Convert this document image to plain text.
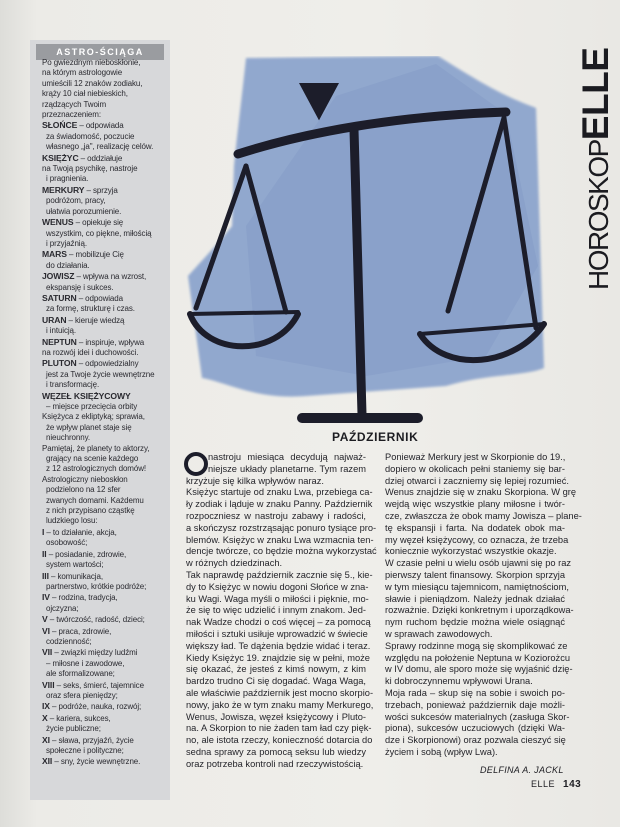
ASTRO-ŚCIĄGA
Po gwiezdnym nieboskłonie,
na którym astrologowie
umieścili 12 znaków zodiaku,
krąży 10 ciał niebieskich,
rządzących Twoim
przeznaczeniem:
SŁOŃCE – odpowiada
za świadomość, poczucie
własnego „ja", realizację celów.
KSIĘŻYC – oddziałuje
na Twoją psychikę, nastroje
i pragnienia.
MERKURY – sprzyja
podróżom, pracy,
ułatwia porozumienie.
WENUS – opiekuje się
wszystkim, co piękne, miłością
i przyjaźnią.
MARS – mobilizuje Cię
do działania.
JOWISZ – wpływa na wzrost,
ekspansję i sukces.
SATURN – odpowiada
za formę, strukturę i czas.
URAN – kieruje wiedzą
i intuicją.
NEPTUN – inspiruje, wpływa
na rozwój idei i duchowości.
PLUTON – odpowiedzialny
jest za Twoje życie wewnętrzne
i transformację.
WĘZEŁ KSIĘŻYCOWY
– miejsce przecięcia orbity
Księżyca z ekliptyką; sprawia,
że wpływ planet staje się
nieuchronny.
Pamiętaj, że planety to aktorzy,
grający na scenie każdego
z 12 astrologicznych domów!
Astrologiczny nieboskłon
podzielono na 12 sfer
zwanych domami. Każdemu
z nich przypisano cząstkę
ludzkiego losu:
I – to działanie, akcja,
osobowość;
II – posiadanie, zdrowie,
system wartości;
III – komunikacja,
partnerstwo, krótkie podróże;
IV – rodzina, tradycja,
ojczyzna;
V – twórczość, radość, dzieci;
VI – praca, zdrowie,
codzienność;
VII – związki między ludźmi
– miłosne i zawodowe,
ale sformalizowane;
VIII – seks, śmierć, tajemnice
oraz sfera pieniędzy;
IX – podróże, nauka, rozwój;
X – kariera, sukces,
życie publiczne;
XI – sława, przyjaźń, życie
społeczne i polityczne;
XII – sny, życie wewnętrzne.
HOROSKOPELLE
PAŹDZIERNIK
O
nastroju miesiąca decydują najważ-
niejsze układy planetarne. Tym razem
krzyżuje się kilka wpływów naraz.
Księżyc startuje od znaku Lwa, przebiega ca-
ły zodiak i ląduje w znaku Panny. Październik
rozpoczniesz w nastroju zabawy i radości,
a skończysz rozstrząsając ponuro tysiące pro-
blemów. Księżyc w znaku Lwa wzmacnia ten-
dencje twórcze, co będzie można wykorzystać
w różnych dziedzinach.
Tak naprawdę październik zacznie się 5., kie-
dy to Księżyc w nowiu dogoni Słońce w zna-
ku Wagi. Waga myśli o miłości i pięknie, mo-
że się to więc udzielić i innym znakom. Jed-
nak Wadze chodzi o coś więcej – za pomocą
miłości i sztuki usiłuje wprowadzić w świecie
większy ład. Te dążenia będzie widać i teraz.
Kiedy Księżyc 19. znajdzie się w pełni, może
się okazać, że jesteś z kimś nowym, z kim
bardzo trudno Ci się dogadać. Waga Waga,
ale właściwie październik jest mocno skorpio-
nowy, jako że w tym znaku mamy Merkurego,
Wenus, Jowisza, węzeł księżycowy i Pluto-
na. A Skorpion to nie żaden tam ład czy pięk-
no, ale istota rzeczy, konieczność dotarcia do
sedna sprawy za pomocą seksu lub wiedzy
oraz potrzeba kontroli nad rzeczywistością.
Ponieważ Merkury jest w Skorpionie do 19.,
dopiero w okolicach pełni staniemy się bar-
dziej otwarci i zaczniemy się lepiej rozumieć.
Wenus znajdzie się w znaku Skorpiona. W grę
wejdą więc wszystkie plany miłosne i twór-
cze, zwłaszcza że obok mamy Jowisza – plane-
tę ekspansji i farta. Na dodatek obok ma-
my węzeł księżycowy, co oznacza, że trzeba
koniecznie wykorzystać wszystkie okazje.
W czasie pełni u wielu osób ujawni się po raz
pierwszy talent finansowy. Skorpion sprzyja
w tym miesiącu tajemnicom, namiętnościom,
sławie i pieniądzom. Należy jednak działać
rozważnie. Dzięki konkretnym i uporządkowa-
nym ruchom będzie można wiele osiągnąć
w sprawach zawodowych.
Sprawy rodzinne mogą się skomplikować ze
względu na położenie Neptuna w Koziorożcu
w IV domu, ale sporo może się wyjaśnić dzię-
ki dobroczynnemu wpływowi Urana.
Moja rada – skup się na sobie i swoich po-
trzebach, ponieważ październik daje możli-
wości sukcesów materialnych (zasługa Skor-
piona), sukcesów uczuciowych (dzięki Wa-
dze i Skorpionowi) oraz pozwala cieszyć się
życiem i sobą (wpływ Lwa).
DELFINA A. JACKL
ELLE 143
